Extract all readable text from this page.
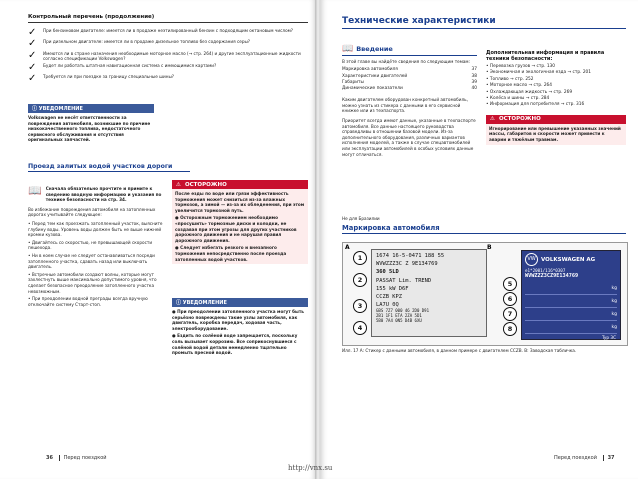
Контрольный перечень (продолжение)
✓ При бензиновом двигателе: имеется ли в продаже неэтилированный бензин с подходящим октановым числом?
✓ При дизельном двигателе: имеется ли в продаже дизельное топливо без содержания серы?
✓ Имеются ли в стране назначения необходимые моторное масло (→ стр. 264) и другие эксплуатационные жидкости согласно спецификации Volkswagen?
✓ Будет ли работать штатная навигационная система с имеющимися картами?
✓ Требуется ли при поездке за границу специальные шины?
ⓘ УВЕДОМЛЕНИЕ
Volkswagen не несёт ответственности за повреждения автомобиля, возникшие по причине низкокачественного топлива, недостаточного сервисного обслуживания и отсутствия оригинальных запчастей.
Проезд залитых водой участков дороги
📖 Сначала обязательно прочтите и примите к сведению вводную информацию и указания по технике безопасности на стр. 34.
Во избежание повреждения автомобиля на затопленных дорогах учитывайте следующее:
• Перед тем как проезжать затопленный участок, выясните глубину воды. Уровень воды должен быть не выше нижней кромки кузова.
• Двигайтесь со скоростью, не превышающей скорости пешехода.
• Ни в коем случае не следует останавливаться посреди затопленного участка, сдавать назад или выключать двигатель.
• Встречные автомобили создают волны, которые могут захлестнуть выше максимально допустимого уровня, что сделает безопасное преодоление затопленного участка невозможным.
• При преодолении водной преграды всегда вручную отключайте систему Старт-стоп.
⚠ ОСТОРОЖНО
После езды по воде или грязи эффективность торможения может снизиться из-за влажных тормозов, а зимой — из-за их обледенения, при этом увеличится тормозной путь.
● Осторожным торможением необходимо «просушить» тормозные диски и колодки, не создавая при этом угрозы для других участников дорожного движения и не нарушая правил дорожного движения.
● Следует избегать резкого и внезапного торможения непосредственно после проезда затопленных водой участков.
ⓘ УВЕДОМЛЕНИЕ
● При преодолении затопленного участка могут быть серьёзно повреждены такие узлы автомобиля, как двигатель, коробка передач, ходовая часть, электрооборудование.
● Ездить по солёной воде запрещается, поскольку соль вызывает коррозию. Все соприкоснувшиеся с солёной водой детали немедленно тщательно промыть пресной водой.
36 Перед поездкой
Технические характеристики
📖 Введение
В этой главе вы найдёте сведения по следующим темам:
Маркировка автомобиля	37
Характеристики двигателей	38
Габариты	39
Динамические показатели	40
Каким двигателем оборудован конкретный автомобиль, можно узнать из стикера с данными в его сервисной книжке или из техпаспорта.
Приоритет всегда имеют данные, указанные в техпаспорте автомобиля. Все данные настоящего руководства справедливы в отношении базовой модели. Из-за дополнительного оборудования, различных вариантов исполнения моделей, а также в случае спецавтомобилей или эксплуатации автомобилей в особых условиях данные могут отличаться.
Дополнительная информация и правила техники безопасности:
• Перевозка грузов → стр. 130
• Экономичная и экологичная езда → стр. 201
• Топливо → стр. 252
• Моторное масло → стр. 264
• Охлаждающая жидкость → стр. 269
• Колёса и шины → стр. 284
• Информация для потребителя → стр. 316
⚠ ОСТОРОЖНО
Игнорирование или превышение указанных значений массы, габаритов и скорости может привести к аварии и тяжёлым травмам.
Не для Бразилии
Маркировка автомобиля
A	B
1674 16-5-0471 188 55
WVWZZZ3C Z 9E134769
360 5LD
PASSAT Lim. TREND
155 kW D6F
CCZB KPZ
LA7U 0Q
GBS 7Z7 000 46 2D0 D91
2B1 1F1 ETA 2ZA 5D1
5B0 7A4 0N5 D4B 6XU
1
2
3
4
5
6
7
8
VW VOLKSWAGEN AG
e1*2001/116*0307
WVWZZZ3CZ9E134769
kg
kg
kg
kg
Typ 3C
Илл. 17 A: Стикер с данными автомобиля, в данном примере с двигателем CCZB. B: Заводская табличка.
Перед поездкой 37
http://vnx.su
